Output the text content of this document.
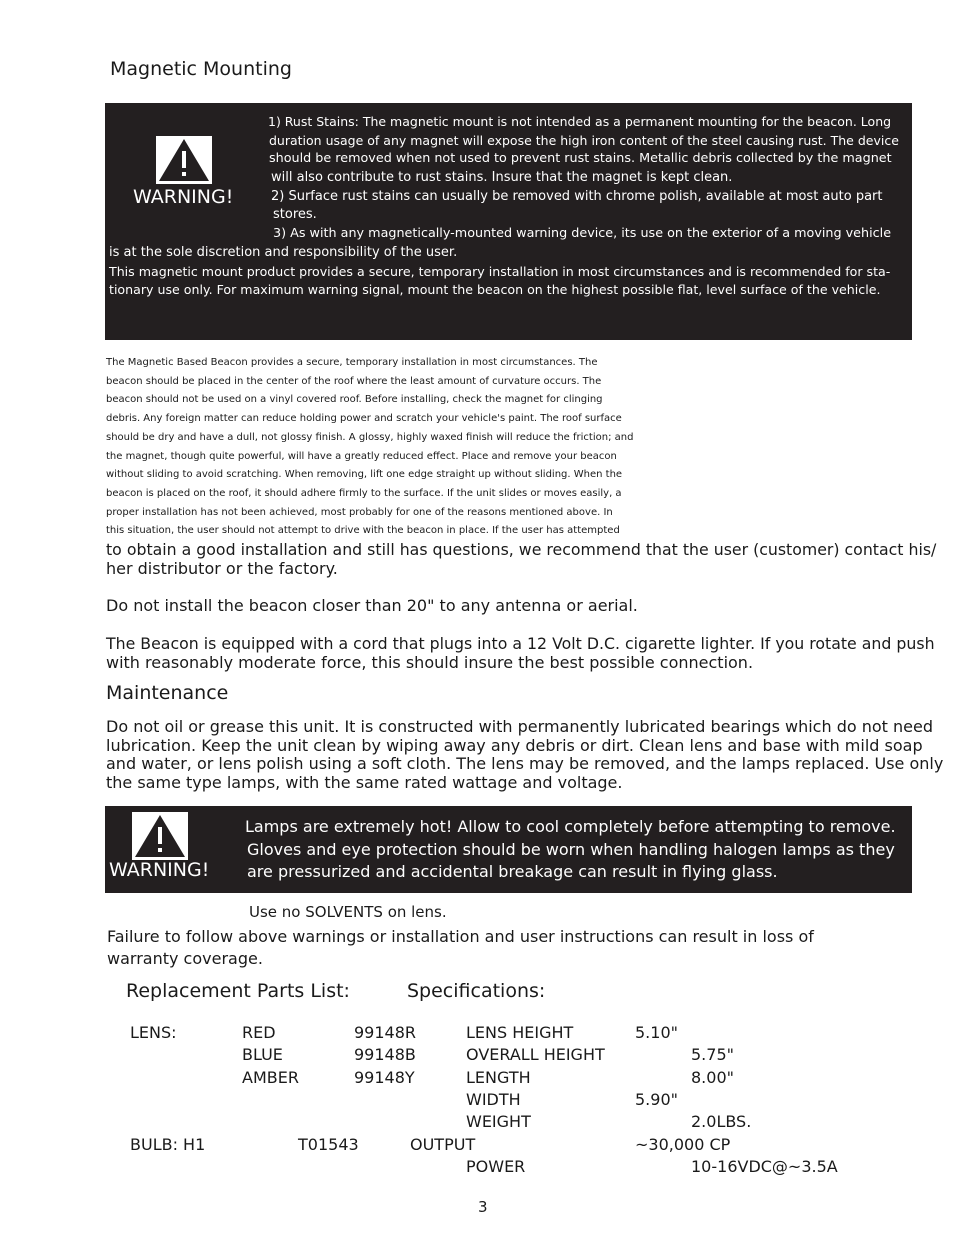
Magnetic Mounting
WARNING!
1) Rust Stains: The magnetic mount is not intended as a permanent mounting for the beacon. Long
duration usage of any magnet will expose the high iron content of the steel causing rust. The device
should be removed when not used to prevent rust stains. Metallic debris collected by the magnet
will also contribute to rust stains. Insure that the magnet is kept clean.
2) Surface rust stains can usually be removed with chrome polish, available at most auto part
stores.
3) As with any magnetically-mounted warning device, its use on the exterior of a moving vehicle
is at the sole discretion and responsibility of the user.
This magnetic mount product provides a secure, temporary installation in most circumstances and is recommended for sta-
tionary use only. For maximum warning signal, mount the beacon on the highest possible flat, level surface of the vehicle.
The Magnetic Based Beacon provides a secure, temporary installation in most circumstances. The
beacon should be placed in the center of the roof where the least amount of curvature occurs. The
beacon should not be used on a vinyl covered roof. Before installing, check the magnet for clinging
debris. Any foreign matter can reduce holding power and scratch your vehicle's paint. The roof surface
should be dry and have a dull, not glossy finish. A glossy, highly waxed finish will reduce the friction; and
the magnet, though quite powerful, will have a greatly reduced effect. Place and remove your beacon
without sliding to avoid scratching. When removing, lift one edge straight up without sliding. When the
beacon is placed on the roof, it should adhere firmly to the surface. If the unit slides or moves easily, a
proper installation has not been achieved, most probably for one of the reasons mentioned above. In
this situation, the user should not attempt to drive with the beacon in place. If the user has attempted
to obtain a good installation and still has questions, we recommend that the user (customer) contact his/
her distributor or the factory.
Do not install the beacon closer than 20" to any antenna or aerial.
The Beacon is equipped with a cord that plugs into a 12 Volt D.C. cigarette lighter. If you rotate and push
with reasonably moderate force, this should insure the best possible connection.
Maintenance
Do not oil or grease this unit. It is constructed with permanently lubricated bearings which do not need
lubrication. Keep the unit clean by wiping away any debris or dirt. Clean lens and base with mild soap
and water, or lens polish using a soft cloth. The lens may be removed, and the lamps replaced. Use only
the same type lamps, with the same rated wattage and voltage.
WARNING!
Lamps are extremely hot! Allow to cool completely before attempting to remove.
Gloves and eye protection should be worn when handling halogen lamps as they
are pressurized and accidental breakage can result in flying glass.
Use no SOLVENTS on lens.
Failure to follow above warnings or installation and user instructions can result in loss of
warranty coverage.
Replacement Parts List:	Specifications:
LENS:	RED	99148R
BLUE	99148B
AMBER	99148Y
BULB: H1	T01543
LENS HEIGHT	5.10"
OVERALL HEIGHT	5.75"
LENGTH	8.00"
WIDTH	5.90"
WEIGHT	2.0LBS.
OUTPUT	~30,000 CP
POWER	10-16VDC@~3.5A
3
